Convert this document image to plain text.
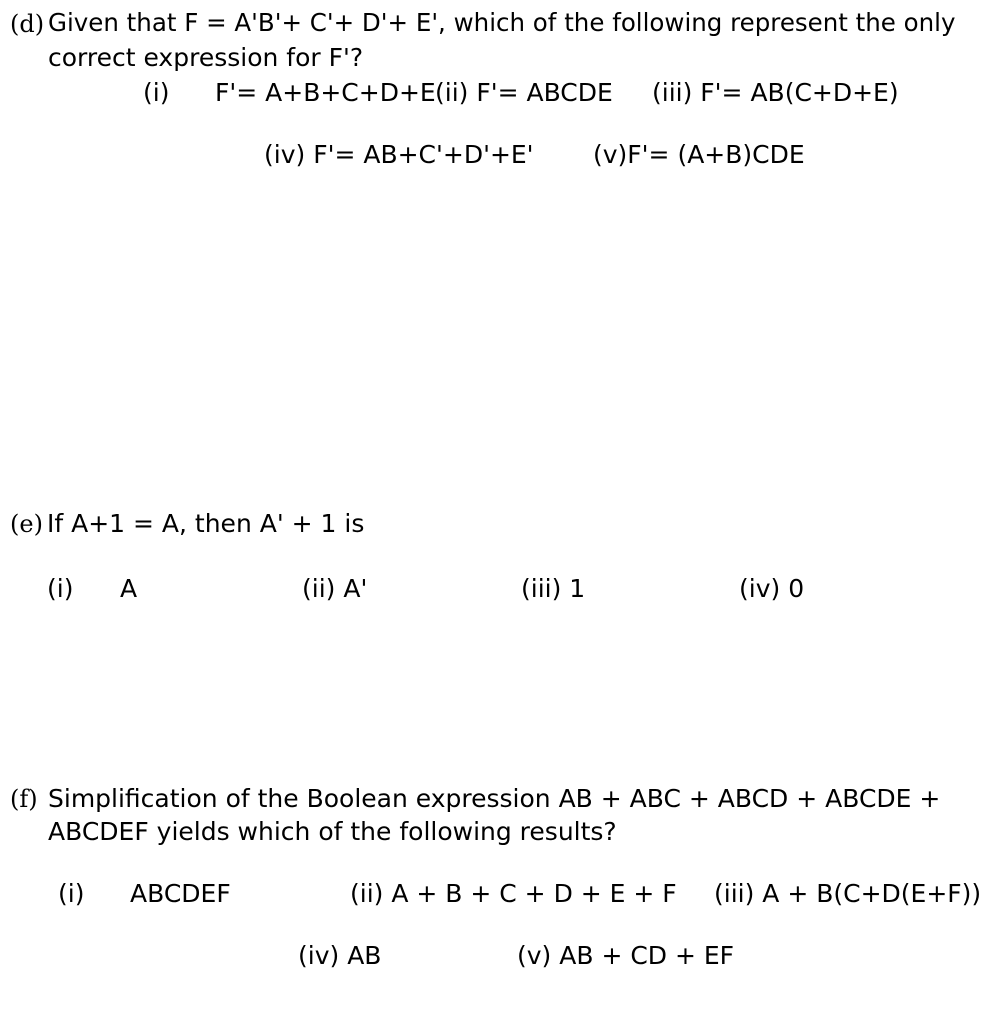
(d) Given that F = A'B'+ C'+ D'+ E', which of the following represent the only
correct expression for F'?
(i) F'= A+B+C+D+E (ii) F'= ABCDE (iii) F'= AB(C+D+E)
(iv) F'= AB+C'+D'+E' (v)F'= (A+B)CDE
(e) If A+1 = A, then A' + 1 is
(i) A	(ii) A'	(iii) 1	(iv) 0
(f) Simplification of the Boolean expression AB + ABC + ABCD + ABCDE +
ABCDEF yields which of the following results?
(i) ABCDEF	(ii) A + B + C + D + E + F (iii) A + B(C+D(E+F))
(iv) AB	(v) AB + CD + EF
